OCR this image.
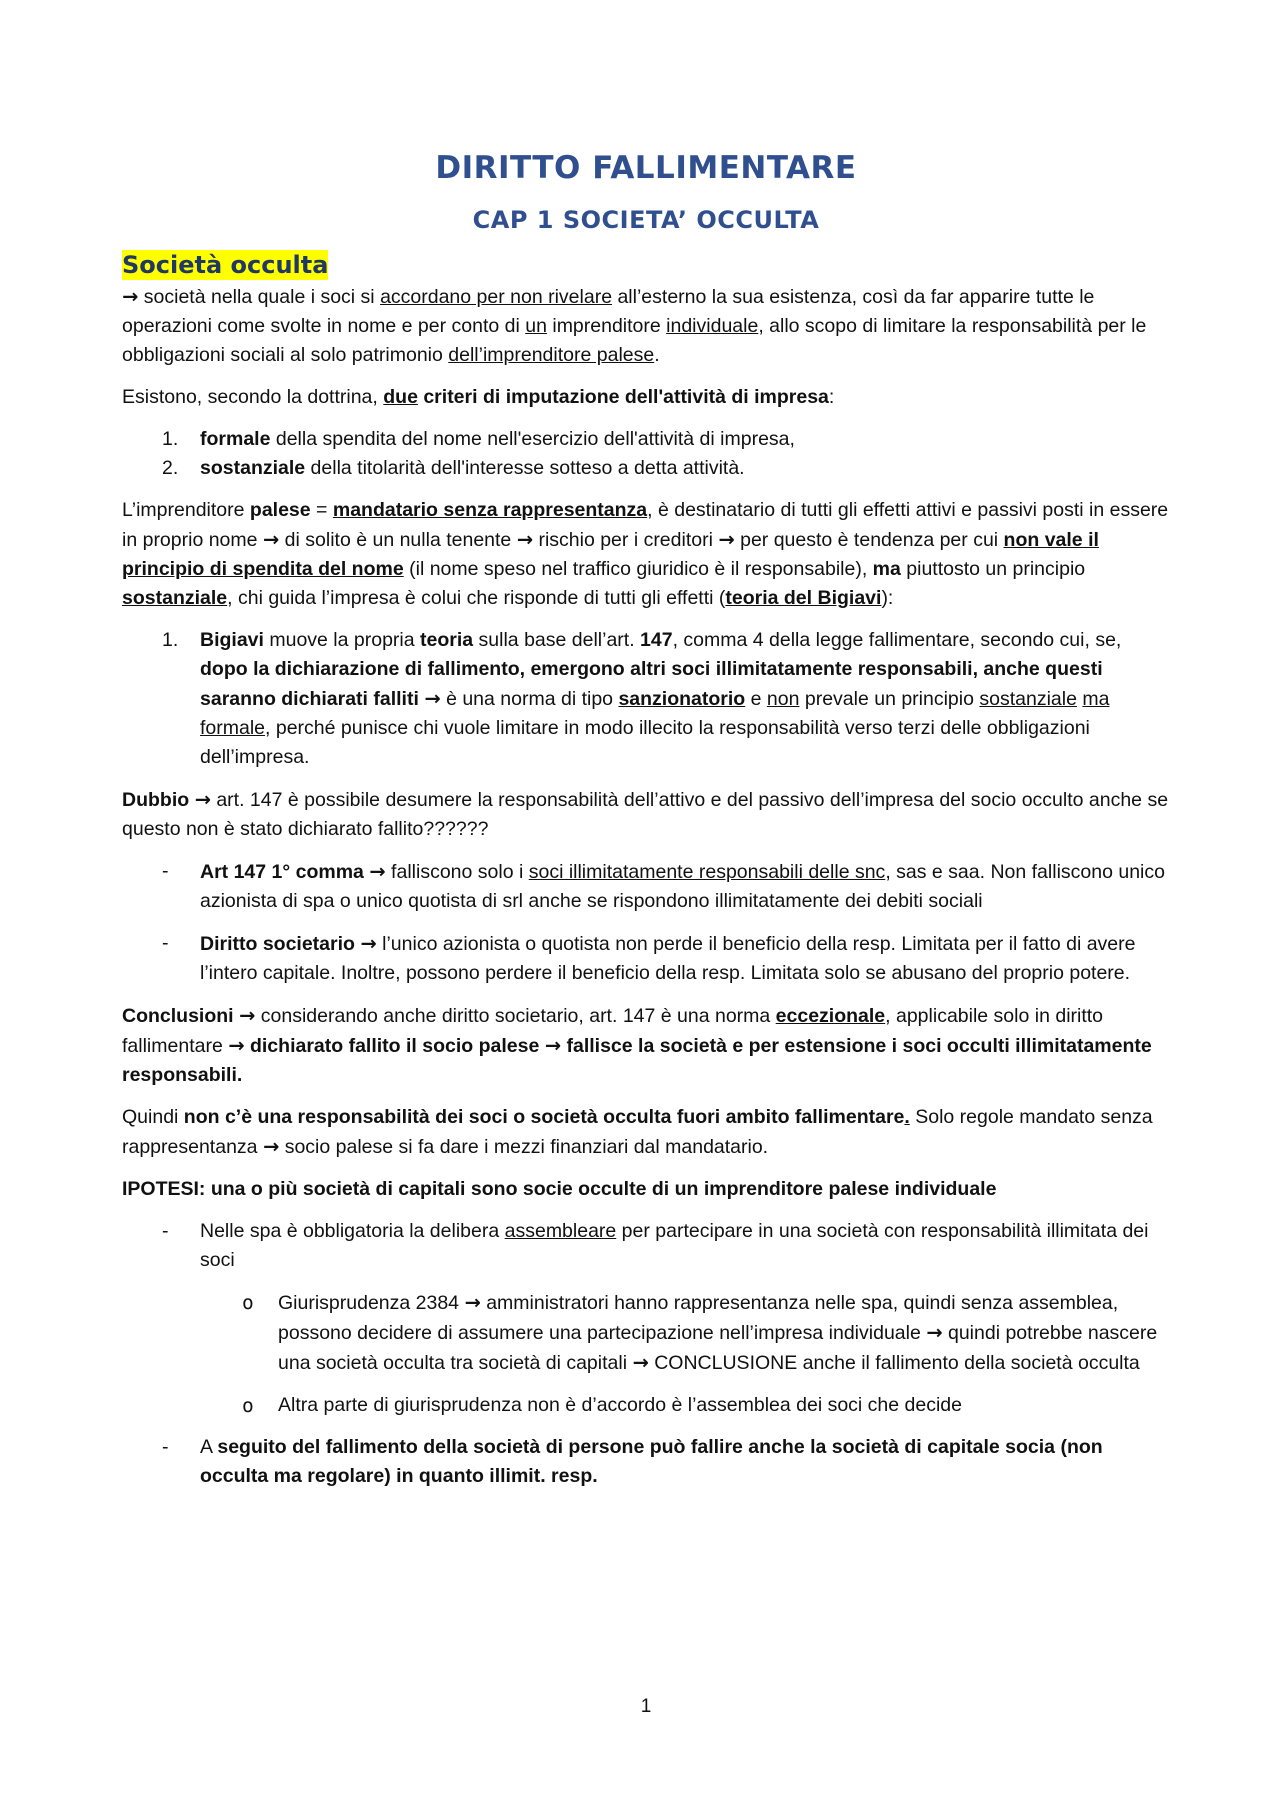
DIRITTO FALLIMENTARE
CAP 1 SOCIETA’ OCCULTA
Società occulta

→ società nella quale i soci si accordano per non rivelare all’esterno la sua esistenza, così da far apparire tutte le operazioni come svolte in nome e per conto di un imprenditore individuale, allo scopo di limitare la responsabilità per le obbligazioni sociali al solo patrimonio dell’imprenditore palese.

Esistono, secondo la dottrina, due criteri di imputazione dell'attività di impresa:

1. formale della spendita del nome nell'esercizio dell'attività di impresa,
2. sostanziale della titolarità dell'interesse sotteso a detta attività.

L’imprenditore palese = mandatario senza rappresentanza, è destinatario di tutti gli effetti attivi e passivi posti in essere in proprio nome → di solito è un nulla tenente → rischio per i creditori → per questo è tendenza per cui non vale il principio di spendita del nome (il nome speso nel traffico giuridico è il responsabile), ma piuttosto un principio sostanziale, chi guida l’impresa è colui che risponde di tutti gli effetti (teoria del Bigiavi):

1. Bigiavi muove la propria teoria sulla base dell’art. 147, comma 4 della legge fallimentare, secondo cui, se, dopo la dichiarazione di fallimento, emergono altri soci illimitatamente responsabili, anche questi saranno dichiarati falliti → è una norma di tipo sanzionatorio e non prevale un principio sostanziale ma formale, perché punisce chi vuole limitare in modo illecito la responsabilità verso terzi delle obbligazioni dell’impresa.

Dubbio → art. 147 è possibile desumere la responsabilità dell’attivo e del passivo dell’impresa del socio occulto anche se questo non è stato dichiarato fallito??????

- Art 147 1° comma → falliscono solo i soci illimitatamente responsabili delle snc, sas e saa. Non falliscono unico azionista di spa o unico quotista di srl anche se rispondono illimitatamente dei debiti sociali
- Diritto societario → l’unico azionista o quotista non perde il beneficio della resp. Limitata per il fatto di avere l’intero capitale. Inoltre, possono perdere il beneficio della resp. Limitata solo se abusano del proprio potere.

Conclusioni → considerando anche diritto societario, art. 147 è una norma eccezionale, applicabile solo in diritto fallimentare → dichiarato fallito il socio palese → fallisce la società e per estensione i soci occulti illimitatamente responsabili.

Quindi non c’è una responsabilità dei soci o società occulta fuori ambito fallimentare. Solo regole mandato senza rappresentanza → socio palese si fa dare i mezzi finanziari dal mandatario.

IPOTESI: una o più società di capitali sono socie occulte di un imprenditore palese individuale

- Nelle spa è obbligatoria la delibera assembleare per partecipare in una società con responsabilità illimitata dei soci
o Giurisprudenza 2384 → amministratori hanno rappresentanza nelle spa, quindi senza assemblea, possono decidere di assumere una partecipazione nell’impresa individuale → quindi potrebbe nascere una società occulta tra società di capitali → CONCLUSIONE anche il fallimento della società occulta
o Altra parte di giurisprudenza non è d’accordo è l’assemblea dei soci che decide
- A seguito del fallimento della società di persone può fallire anche la società di capitale socia (non occulta ma regolare) in quanto illimit. resp.
1
